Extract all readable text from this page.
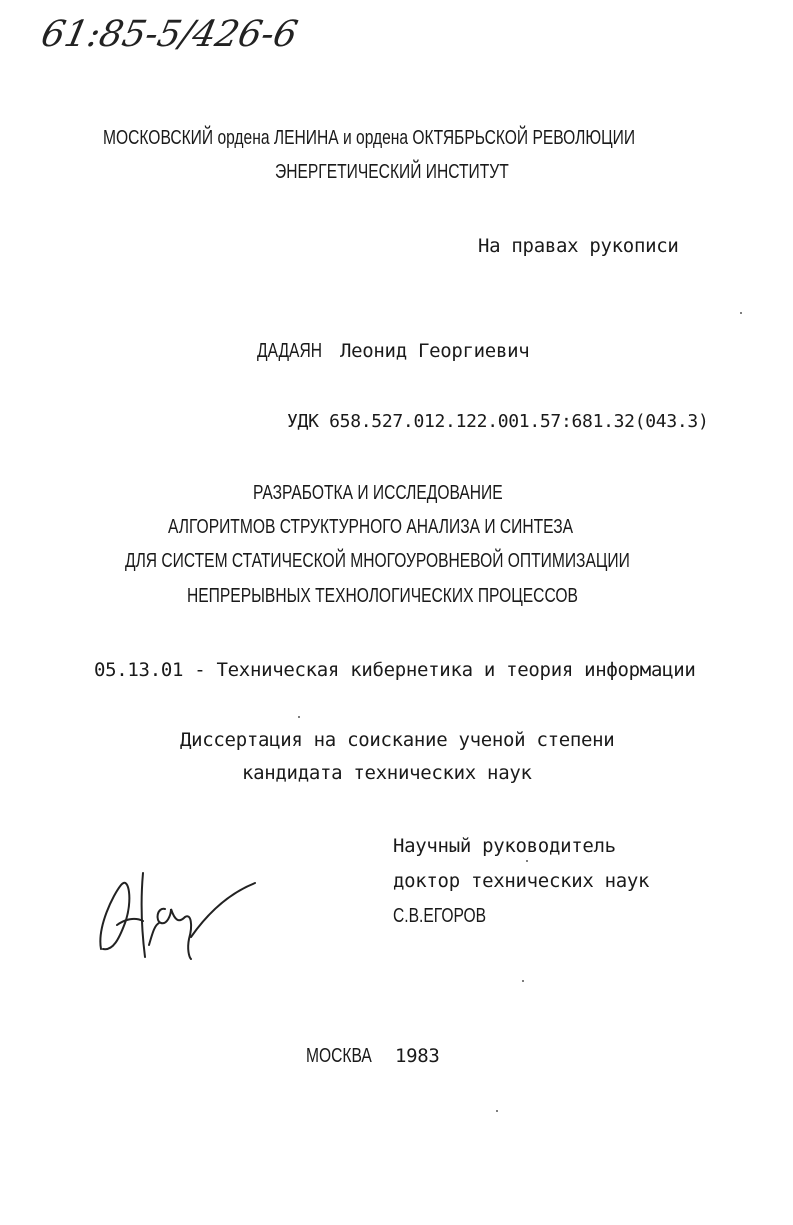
61:85-5/426-6
МОСКОВСКИЙ ордена ЛЕНИНА и ордена ОКТЯБРЬСКОЙ РЕВОЛЮЦИИ
ЭНЕРГЕТИЧЕСКИЙ ИНСТИТУТ
На правах рукописи
ДАДАЯН Леонид Георгиевич
УДК 658.527.012.122.001.57:681.32(043.3)
РАЗРАБОТКА И ИССЛЕДОВАНИЕ
АЛГОРИТМОВ СТРУКТУРНОГО АНАЛИЗА И СИНТЕЗА
ДЛЯ СИСТЕМ СТАТИЧЕСКОЙ МНОГОУРОВНЕВОЙ ОПТИМИЗАЦИИ
НЕПРЕРЫВНЫХ ТЕХНОЛОГИЧЕСКИХ ПРОЦЕССОВ
05.13.01 - Техническая кибернетика и теория информации
Диссертация на соискание ученой степени
кандидата технических наук
Научный руководитель
доктор технических наук
С.В.ЕГОРОВ
МОСКВА 1983
